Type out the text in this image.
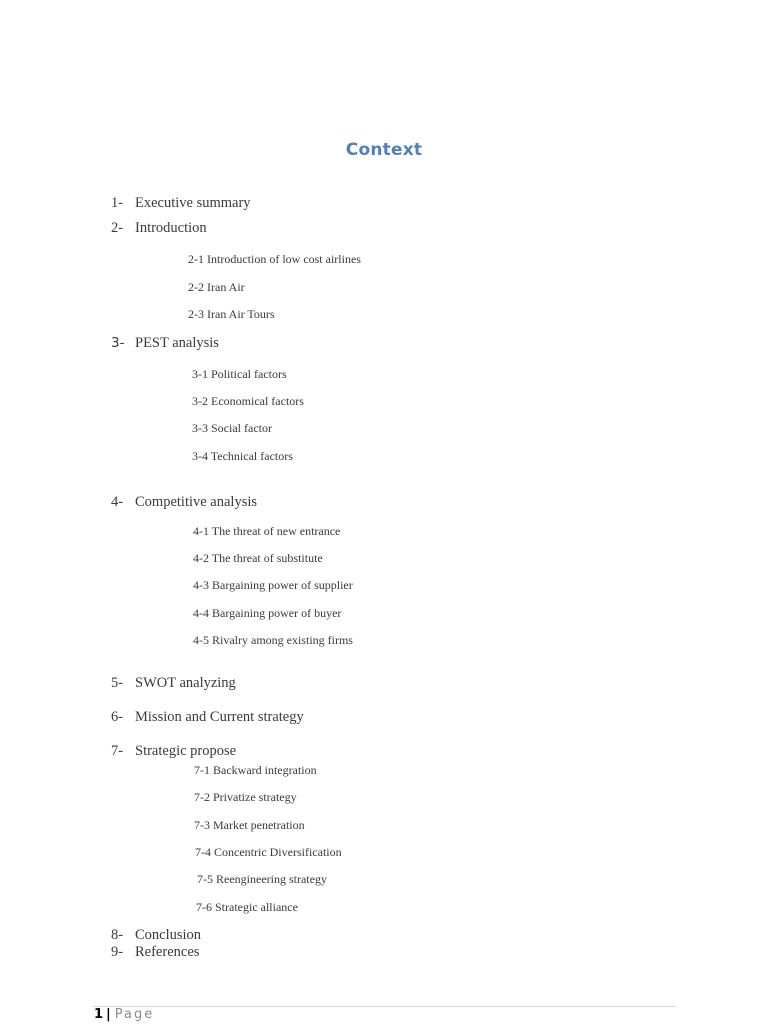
Context
1- Executive summary
2- Introduction
2-1 Introduction of low cost airlines
2-2 Iran Air
2-3 Iran Air Tours
3- PEST analysis
3-1 Political factors
3-2 Economical factors
3-3 Social factor
3-4 Technical factors
4- Competitive analysis
4-1 The threat of new entrance
4-2 The threat of substitute
4-3 Bargaining power of supplier
4-4 Bargaining power of buyer
4-5 Rivalry among existing firms
5- SWOT analyzing
6- Mission and Current strategy
7- Strategic propose
7-1 Backward integration
7-2 Privatize strategy
7-3 Market penetration
7-4 Concentric Diversification
7-5 Reengineering strategy
7-6 Strategic alliance
8- Conclusion
9- References
1 | Page
